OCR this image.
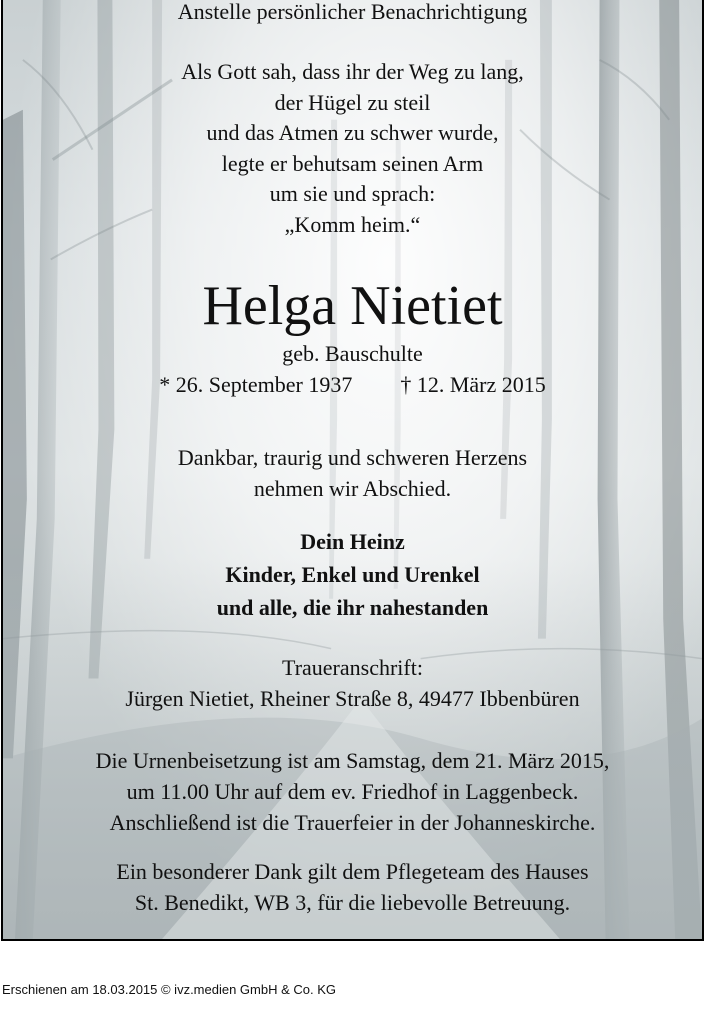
Anstelle persönlicher Benachrichtigung
Als Gott sah, dass ihr der Weg zu lang,
der Hügel zu steil
und das Atmen zu schwer wurde,
legte er behutsam seinen Arm
um sie und sprach:
„Komm heim.“
Helga Nietiet
geb. Bauschulte
* 26. September 1937 † 12. März 2015
Dankbar, traurig und schweren Herzens
nehmen wir Abschied.
Dein Heinz
Kinder, Enkel und Urenkel
und alle, die ihr nahestanden
Traueranschrift:
Jürgen Nietiet, Rheiner Straße 8, 49477 Ibbenbüren
Die Urnenbeisetzung ist am Samstag, dem 21. März 2015,
um 11.00 Uhr auf dem ev. Friedhof in Laggenbeck.
Anschließend ist die Trauerfeier in der Johanneskirche.
Ein besonderer Dank gilt dem Pflegeteam des Hauses
St. Benedikt, WB 3, für die liebevolle Betreuung.
Erschienen am 18.03.2015 © ivz.medien GmbH & Co. KG
